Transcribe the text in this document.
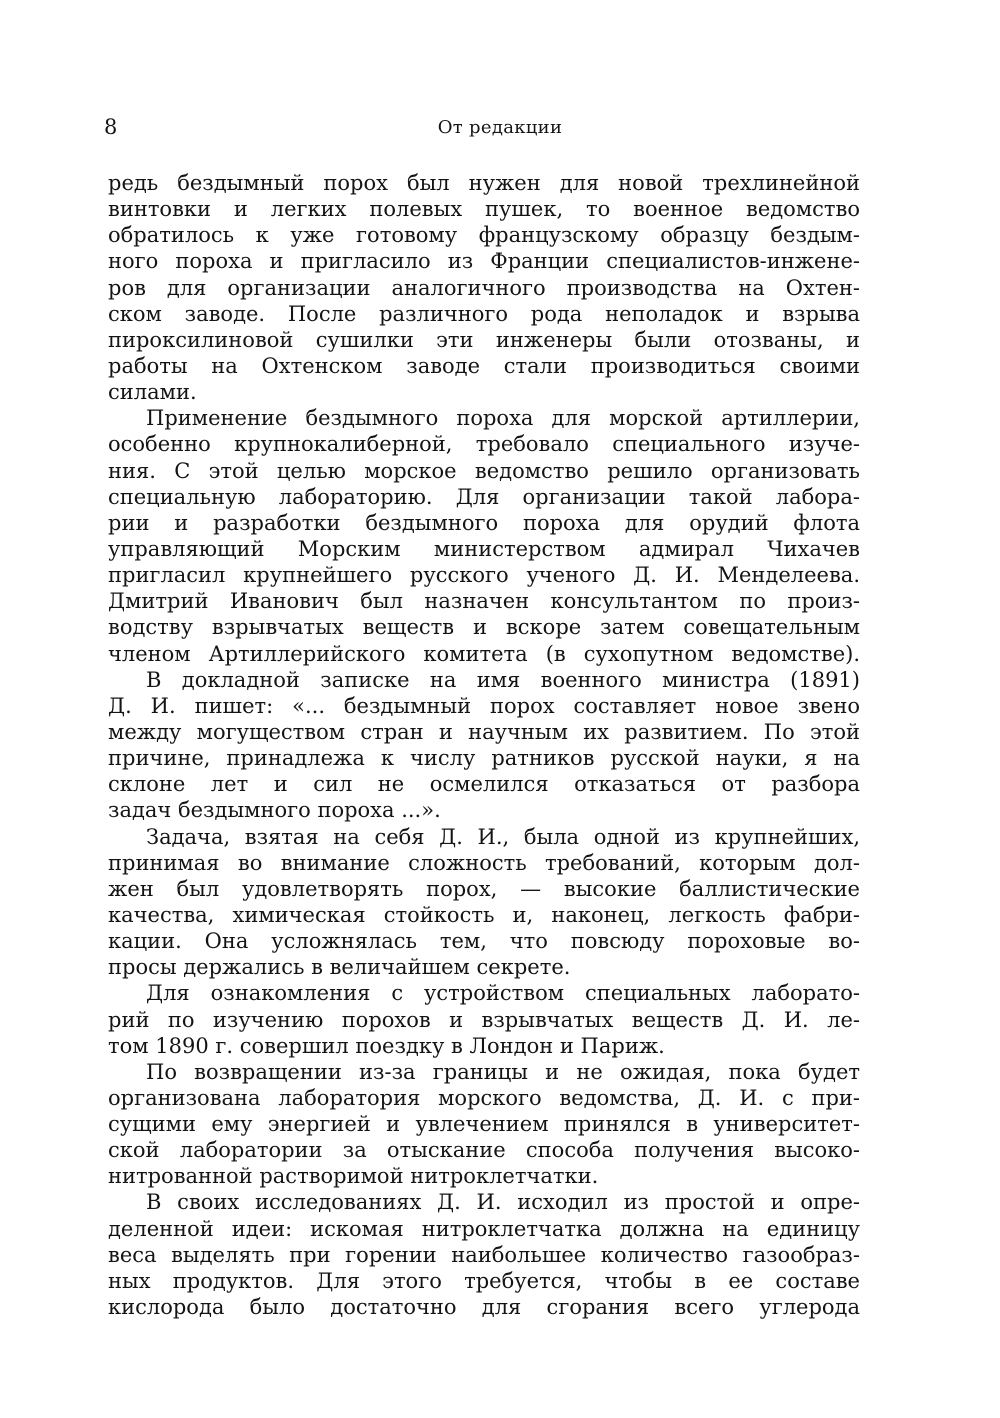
8	От редакции
редь бездымный порох был нужен для новой трехлинейной
винтовки и легких полевых пушек, то военное ведомство
обратилось к уже готовому французскому образцу бездым-
ного пороха и пригласило из Франции специалистов-инжене-
ров для организации аналогичного производства на Охтен-
ском заводе. После различного рода неполадок и взрыва
пироксилиновой сушилки эти инженеры были отозваны, и
работы на Охтенском заводе стали производиться своими
силами.
Применение бездымного пороха для морской артиллерии,
особенно крупнокалиберной, требовало специального изуче-
ния. С этой целью морское ведомство решило организовать
специальную лабораторию. Для организации такой лабора-
рии и разработки бездымного пороха для орудий флота
управляющий Морским министерством адмирал Чихачев
пригласил крупнейшего русского ученого Д. И. Менделеева.
Дмитрий Иванович был назначен консультантом по произ-
водству взрывчатых веществ и вскоре затем совещательным
членом Артиллерийского комитета (в сухопутном ведомстве).
В докладной записке на имя военного министра (1891)
Д. И. пишет: «... бездымный порох составляет новое звено
между могуществом стран и научным их развитием. По этой
причине, принадлежа к числу ратников русской науки, я на
склоне лет и сил не осмелился отказаться от разбора
задач бездымного пороха ...».
Задача, взятая на себя Д. И., была одной из крупнейших,
принимая во внимание сложность требований, которым дол-
жен был удовлетворять порох, — высокие баллистические
качества, химическая стойкость и, наконец, легкость фабри-
кации. Она усложнялась тем, что повсюду пороховые во-
просы держались в величайшем секрете.
Для ознакомления с устройством специальных лаборато-
рий по изучению порохов и взрывчатых веществ Д. И. ле-
том 1890 г. совершил поездку в Лондон и Париж.
По возвращении из-за границы и не ожидая, пока будет
организована лаборатория морского ведомства, Д. И. с при-
сущими ему энергией и увлечением принялся в университет-
ской лаборатории за отыскание способа получения высоко-
нитрованной растворимой нитроклетчатки.
В своих исследованиях Д. И. исходил из простой и опре-
деленной идеи: искомая нитроклетчатка должна на единицу
веса выделять при горении наибольшее количество газообраз-
ных продуктов. Для этого требуется, чтобы в ее составе
кислорода было достаточно для сгорания всего углерода
